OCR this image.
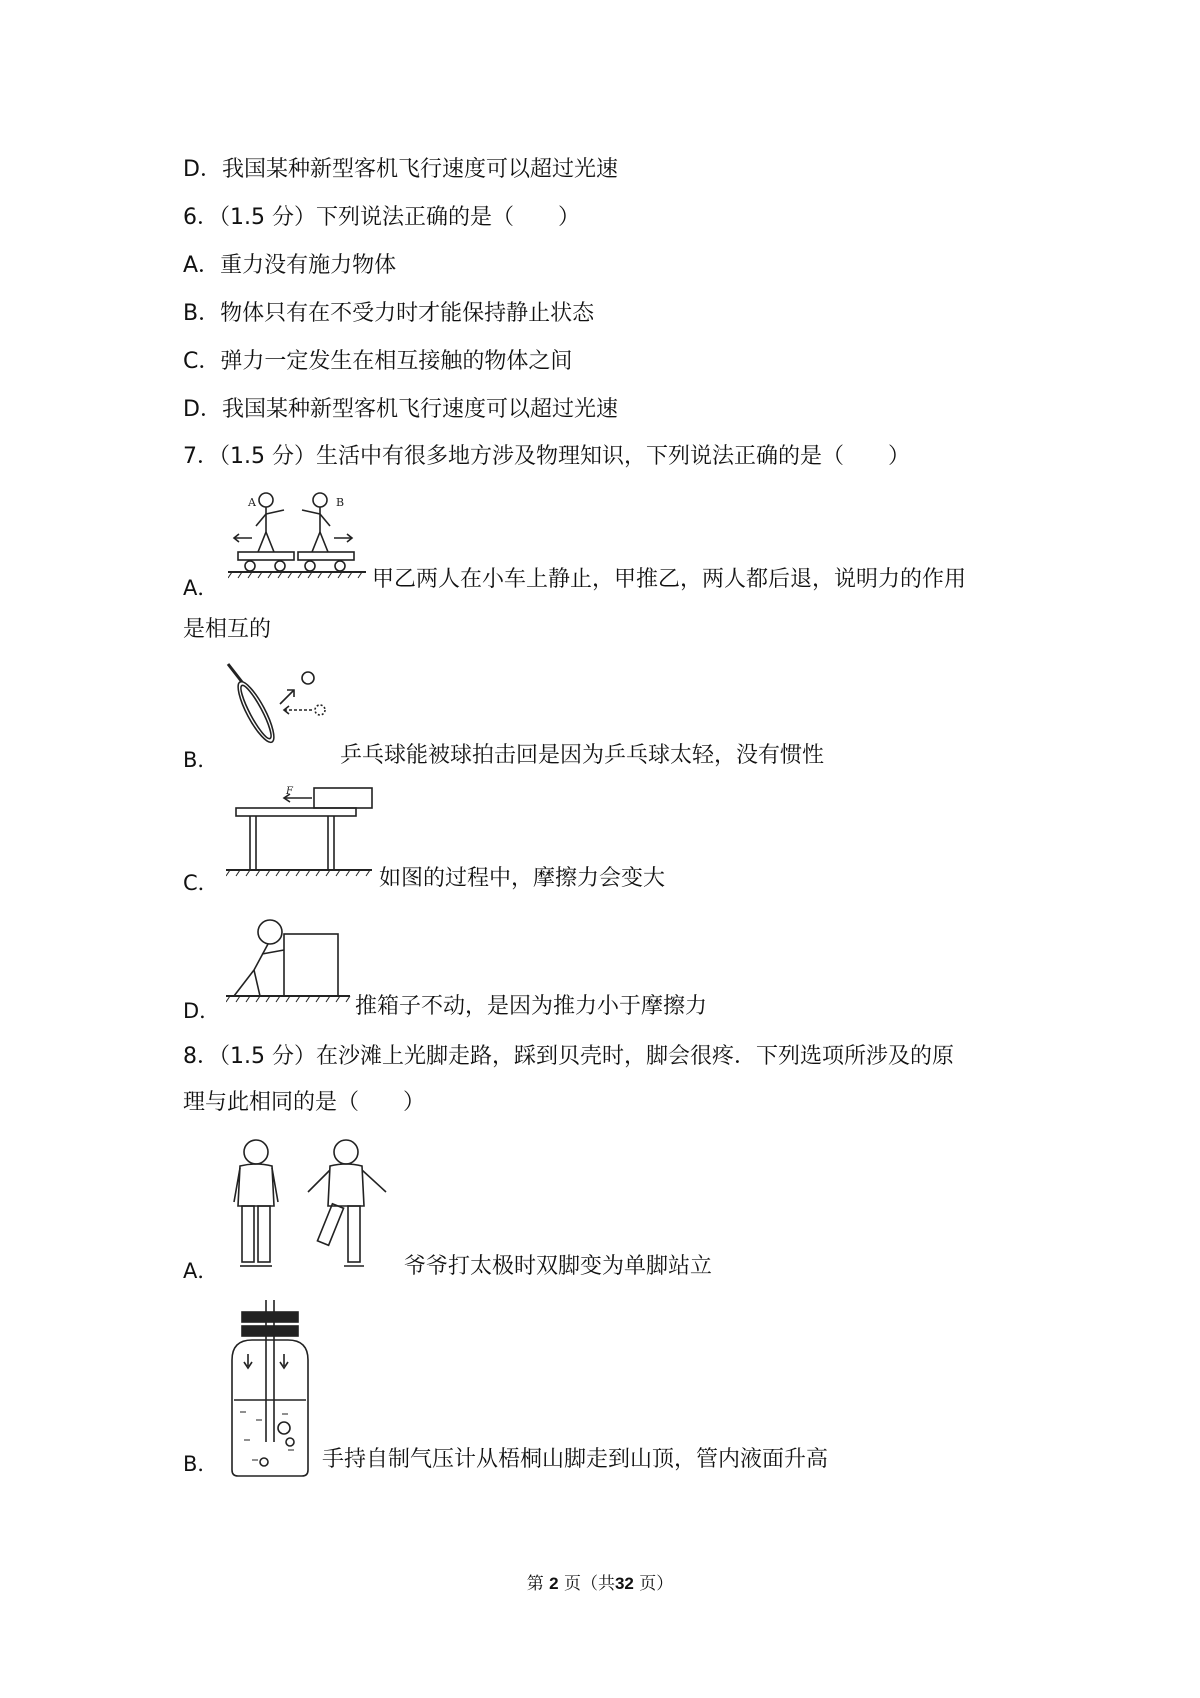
D．我国某种新型客机飞行速度可以超过光速
6．（1.5 分）下列说法正确的是（　　）
A．重力没有施力物体
B．物体只有在不受力时才能保持静止状态
C．弹力一定发生在相互接触的物体之间
D．我国某种新型客机飞行速度可以超过光速
7．（1.5 分）生活中有很多地方涉及物理知识，下列说法正确的是（　　）
A	B
A．	甲乙两人在小车上静止，甲推乙，两人都后退，说明力的作用
是相互的
B．	乒乓球能被球拍击回是因为乒乓球太轻，没有惯性
F
C．	如图的过程中，摩擦力会变大
D．	推箱子不动，是因为推力小于摩擦力
8．（1.5 分）在沙滩上光脚走路，踩到贝壳时，脚会很疼．下列选项所涉及的原
理与此相同的是（　　）
A．	爷爷打太极时双脚变为单脚站立
B．	手持自制气压计从梧桐山脚走到山顶，管内液面升高
第 2 页（共32 页）
